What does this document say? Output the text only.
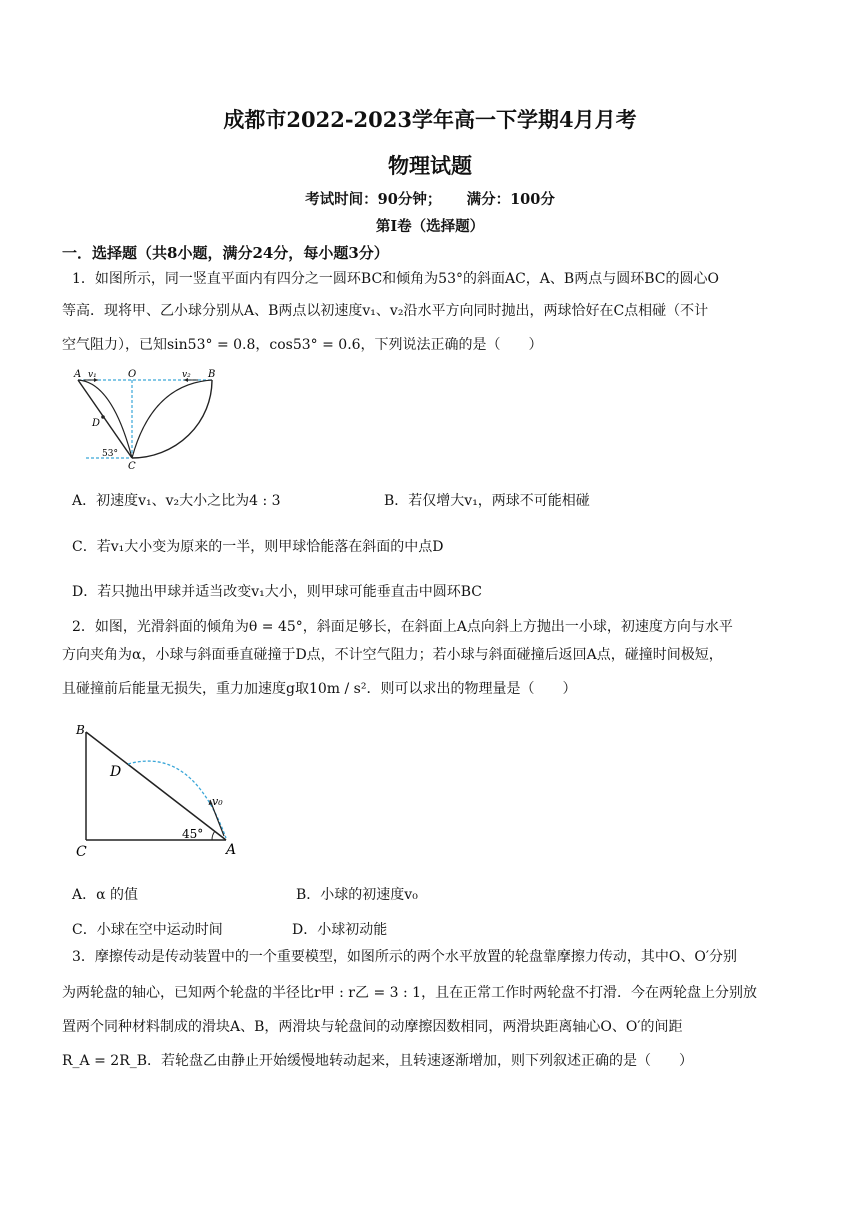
成都市2022-2023学年高一下学期4月月考
物理试题
考试时间：90分钟；     满分：100分
第I卷（选择题）
一．选择题（共8小题，满分24分，每小题3分）
1．如图所示，同一竖直平面内有四分之一圆环BC和倾角为53°的斜面AC，A、B两点与圆环BC的圆心O
等高．现将甲、乙小球分别从A、B两点以初速度v₁、v₂沿水平方向同时抛出，两球恰好在C点相碰（不计
空气阻力），已知sin53° = 0.8，cos53° = 0.6，下列说法正确的是（　　）
A v₁	O	v₂ B
D
53°
C
A．初速度v₁、v₂大小之比为4 : 3	B．若仅增大v₁，两球不可能相碰
C．若v₁大小变为原来的一半，则甲球恰能落在斜面的中点D
D．若只抛出甲球并适当改变v₁大小，则甲球可能垂直击中圆环BC
2．如图，光滑斜面的倾角为θ = 45°，斜面足够长，在斜面上A点向斜上方抛出一小球，初速度方向与水平
方向夹角为α，小球与斜面垂直碰撞于D点，不计空气阻力；若小球与斜面碰撞后返回A点，碰撞时间极短，
且碰撞前后能量无损失，重力加速度g取10m / s²．则可以求出的物理量是（　　）
B
D
v₀
45°
C	A
A．α 的值	B．小球的初速度v₀
C．小球在空中运动时间	D．小球初动能
3．摩擦传动是传动装置中的一个重要模型，如图所示的两个水平放置的轮盘靠摩擦力传动，其中O、O′分别
为两轮盘的轴心，已知两个轮盘的半径比r甲 : r乙 = 3 : 1，且在正常工作时两轮盘不打滑．今在两轮盘上分别放
置两个同种材料制成的滑块A、B，两滑块与轮盘间的动摩擦因数相同，两滑块距离轴心O、O′的间距
R_A = 2R_B．若轮盘乙由静止开始缓慢地转动起来，且转速逐渐增加，则下列叙述正确的是（　　）
